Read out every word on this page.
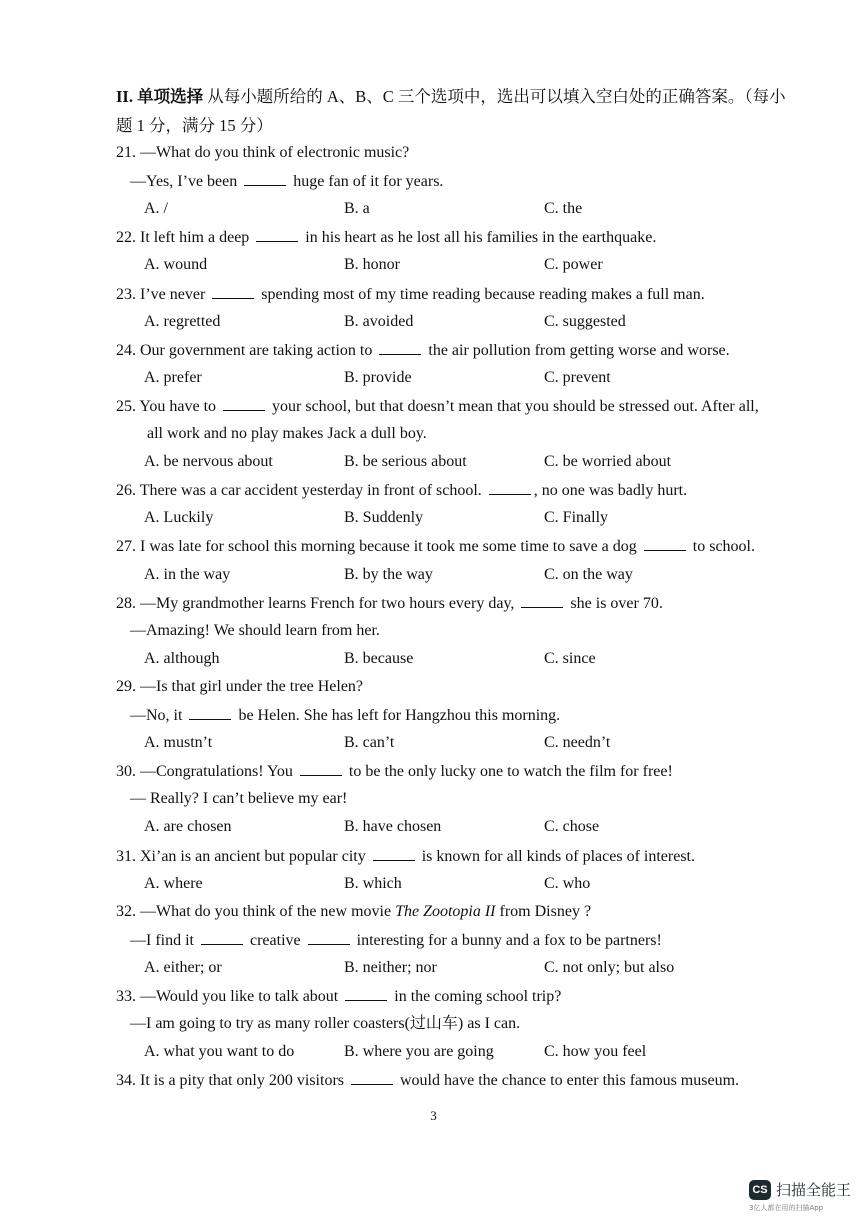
II. 单项选择 从每小题所给的 A、B、C 三个选项中，选出可以填入空白处的正确答案。（每小题 1 分，满分 15 分）
21. —What do you think of electronic music?
—Yes, I’ve been	huge fan of it for years.
A. /	B. a	C. the
22. It left him a deep	in his heart as he lost all his families in the earthquake.
A. wound	B. honor	C. power
23. I’ve never	spending most of my time reading because reading makes a full man.
A. regretted	B. avoided	C. suggested
24. Our government are taking action to	the air pollution from getting worse and worse.
A. prefer	B. provide	C. prevent
25. You have to	your school, but that doesn’t mean that you should be stressed out. After all,
all work and no play makes Jack a dull boy.
A. be nervous about	B. be serious about	C. be worried about
26. There was a car accident yesterday in front of school.	, no one was badly hurt.
A. Luckily	B. Suddenly	C. Finally
27. I was late for school this morning because it took me some time to save a dog	to school.
A. in the way	B. by the way	C. on the way
28. —My grandmother learns French for two hours every day,	she is over 70.
—Amazing! We should learn from her.
A. although	B. because	C. since
29. —Is that girl under the tree Helen?
—No, it	be Helen. She has left for Hangzhou this morning.
A. mustn’t	B. can’t	C. needn’t
30. —Congratulations! You	to be the only lucky one to watch the film for free!
— Really? I can’t believe my ear!
A. are chosen	B. have chosen	C. chose
31. Xi’an is an ancient but popular city	is known for all kinds of places of interest.
A. where	B. which	C. who
32. —What do you think of the new movie The Zootopia II from Disney ?
—I find it	creative	interesting for a bunny and a fox to be partners!
A. either; or	B. neither; nor	C. not only; but also
33. —Would you like to talk about	in the coming school trip?
—I am going to try as many roller coasters(过山车) as I can.
A. what you want to do	B. where you are going	C. how you feel
34. It is a pity that only 200 visitors	would have the chance to enter this famous museum.
3
CS 扫描全能王
3亿人都在用的扫描App
